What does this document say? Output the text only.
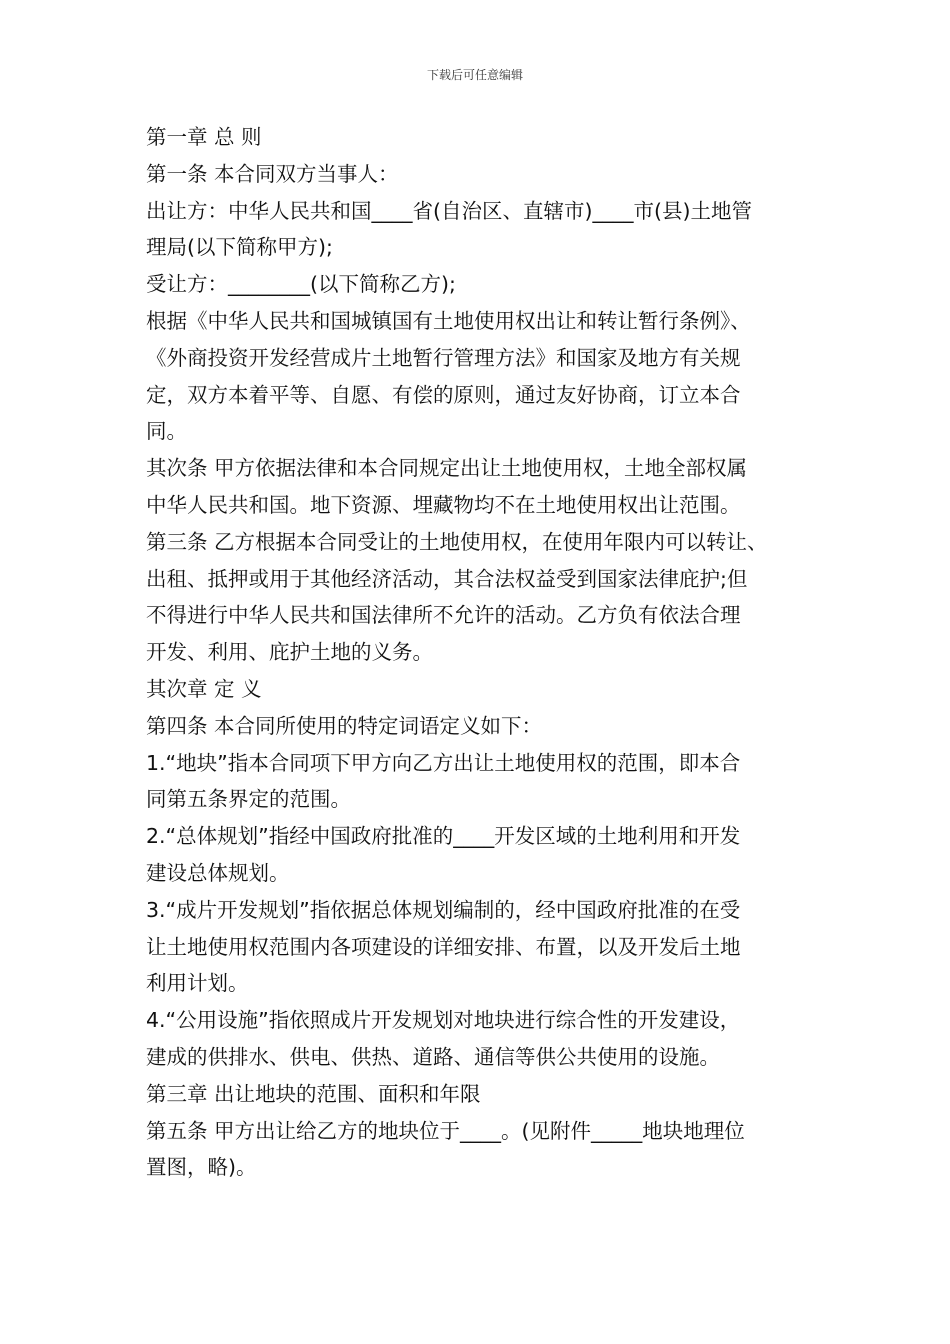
下载后可任意编辑
第一章 总 则
第一条 本合同双方当事人：
出让方：中华人民共和国____省(自治区、直辖市)____市(县)土地管
理局(以下简称甲方);
受让方：________(以下简称乙方);
根据《中华人民共和国城镇国有土地使用权出让和转让暂行条例》、
《外商投资开发经营成片土地暂行管理方法》和国家及地方有关规
定，双方本着平等、自愿、有偿的原则，通过友好协商，订立本合
同。
其次条 甲方依据法律和本合同规定出让土地使用权，土地全部权属
中华人民共和国。地下资源、埋藏物均不在土地使用权出让范围。
第三条 乙方根据本合同受让的土地使用权，在使用年限内可以转让、
出租、抵押或用于其他经济活动，其合法权益受到国家法律庇护;但
不得进行中华人民共和国法律所不允许的活动。乙方负有依法合理
开发、利用、庇护土地的义务。
其次章 定 义
第四条 本合同所使用的特定词语定义如下：
1.“地块”指本合同项下甲方向乙方出让土地使用权的范围，即本合
同第五条界定的范围。
2.“总体规划”指经中国政府批准的____开发区域的土地利用和开发
建设总体规划。
3.“成片开发规划”指依据总体规划编制的，经中国政府批准的在受
让土地使用权范围内各项建设的详细安排、布置，以及开发后土地
利用计划。
4.“公用设施”指依照成片开发规划对地块进行综合性的开发建设，
建成的供排水、供电、供热、道路、通信等供公共使用的设施。
第三章 出让地块的范围、面积和年限
第五条 甲方出让给乙方的地块位于____。(见附件_____地块地理位
置图，略)。
